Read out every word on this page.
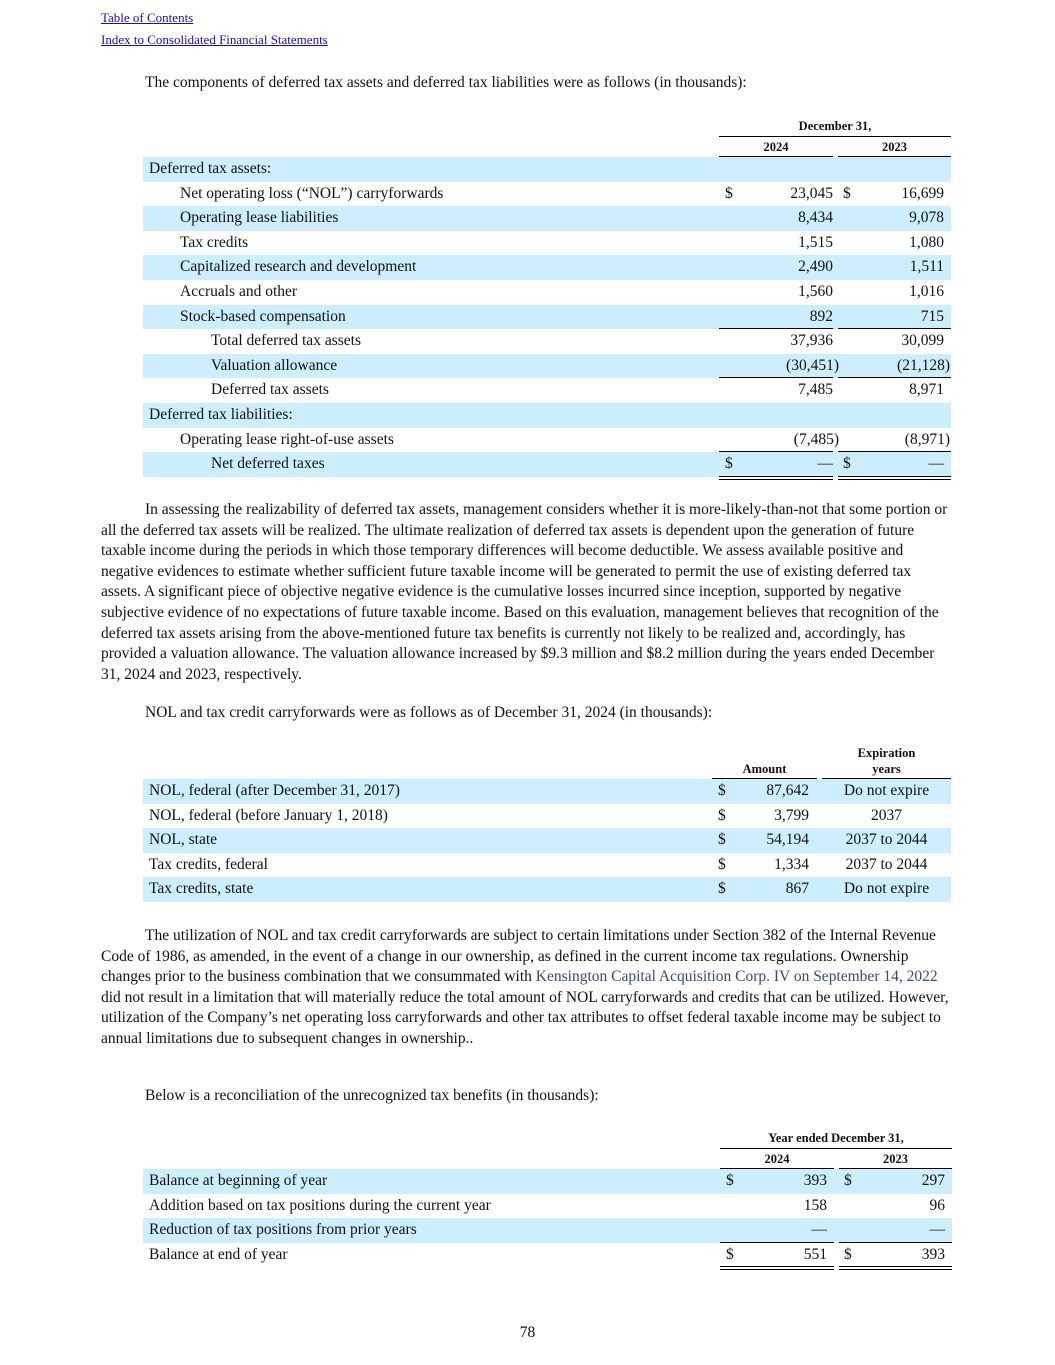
Table of Contents
Index to Consolidated Financial Statements

The components of deferred tax assets and deferred tax liabilities were as follows (in thousands):

December 31,
2024	2023
Deferred tax assets:
Net operating loss (“NOL”) carryforwards	$	23,045 $	16,699
Operating lease liabilities	8,434	9,078
Tax credits	1,515	1,080
Capitalized research and development	2,490	1,511
Accruals and other	1,560	1,016
Stock-based compensation	892	715
Total deferred tax assets	37,936	30,099
Valuation allowance	(30,451)	(21,128)
Deferred tax assets	7,485	8,971
Deferred tax liabilities:
Operating lease right-of-use assets	(7,485)	(8,971)
Net deferred taxes	$	— $	—

In assessing the realizability of deferred tax assets, management considers whether it is more-likely-than-not that some portion or all the deferred tax assets will be realized. The ultimate realization of deferred tax assets is dependent upon the generation of future taxable income during the periods in which those temporary differences will become deductible. We assess available positive and negative evidences to estimate whether sufficient future taxable income will be generated to permit the use of existing deferred tax assets. A significant piece of objective negative evidence is the cumulative losses incurred since inception, supported by negative subjective evidence of no expectations of future taxable income. Based on this evaluation, management believes that recognition of the deferred tax assets arising from the above-mentioned future tax benefits is currently not likely to be realized and, accordingly, has provided a valuation allowance. The valuation allowance increased by $9.3 million and $8.2 million during the years ended December 31, 2024 and 2023, respectively.

NOL and tax credit carryforwards were as follows as of December 31, 2024 (in thousands):

Expiration
Amount	years
NOL, federal (after December 31, 2017)	$	87,642	Do not expire
NOL, federal (before January 1, 2018)	$	3,799	2037
NOL, state	$	54,194	2037 to 2044
Tax credits, federal	$	1,334	2037 to 2044
Tax credits, state	$	867	Do not expire

The utilization of NOL and tax credit carryforwards are subject to certain limitations under Section 382 of the Internal Revenue Code of 1986, as amended, in the event of a change in our ownership, as defined in the current income tax regulations. Ownership changes prior to the business combination that we consummated with Kensington Capital Acquisition Corp. IV on September 14, 2022 did not result in a limitation that will materially reduce the total amount of NOL carryforwards and credits that can be utilized. However, utilization of the Company’s net operating loss carryforwards and other tax attributes to offset federal taxable income may be subject to annual limitations due to subsequent changes in ownership..

Below is a reconciliation of the unrecognized tax benefits (in thousands):

Year ended December 31,
2024	2023
Balance at beginning of year	$	393 $	297
Addition based on tax positions during the current year	158	96
Reduction of tax positions from prior years	—	—
Balance at end of year	$	551 $	393
78
